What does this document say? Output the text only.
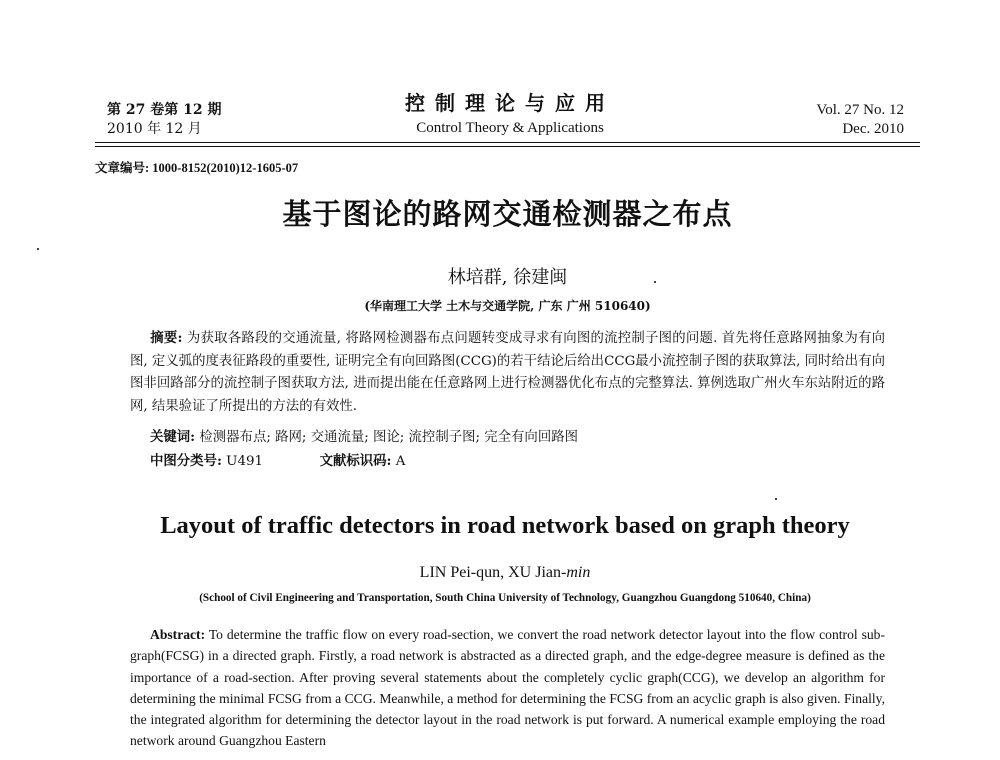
第 27 卷第 12 期
2010 年 12 月
控制理论与应用
Control Theory & Applications
Vol. 27 No. 12
Dec. 2010
文章编号: 1000-8152(2010)12-1605-07
基于图论的路网交通检测器之布点
林培群, 徐建闽
(华南理工大学 土木与交通学院, 广东 广州 510640)
摘要: 为获取各路段的交通流量, 将路网检测器布点问题转变成寻求有向图的流控制子图的问题. 首先将任意路网抽象为有向图, 定义弧的度表征路段的重要性, 证明完全有向回路图(CCG)的若干结论后给出CCG最小流控制子图的获取算法, 同时给出有向图非回路部分的流控制子图获取方法, 进而提出能在任意路网上进行检测器优化布点的完整算法. 算例选取广州火车东站附近的路网, 结果验证了所提出的方法的有效性.
关键词: 检测器布点; 路网; 交通流量; 图论; 流控制子图; 完全有向回路图
中图分类号: U491	文献标识码: A
Layout of traffic detectors in road network based on graph theory
LIN Pei-qun, XU Jian-min
(School of Civil Engineering and Transportation, South China University of Technology, Guangzhou Guangdong 510640, China)
Abstract: To determine the traffic flow on every road-section, we convert the road network detector layout into the flow control sub-graph(FCSG) in a directed graph. Firstly, a road network is abstracted as a directed graph, and the edge-degree measure is defined as the importance of a road-section. After proving several statements about the completely cyclic graph(CCG), we develop an algorithm for determining the minimal FCSG from a CCG. Meanwhile, a method for determining the FCSG from an acyclic graph is also given. Finally, the integrated algorithm for determining the detector layout in the road network is put forward. A numerical example employing the road network around Guangzhou Eastern
